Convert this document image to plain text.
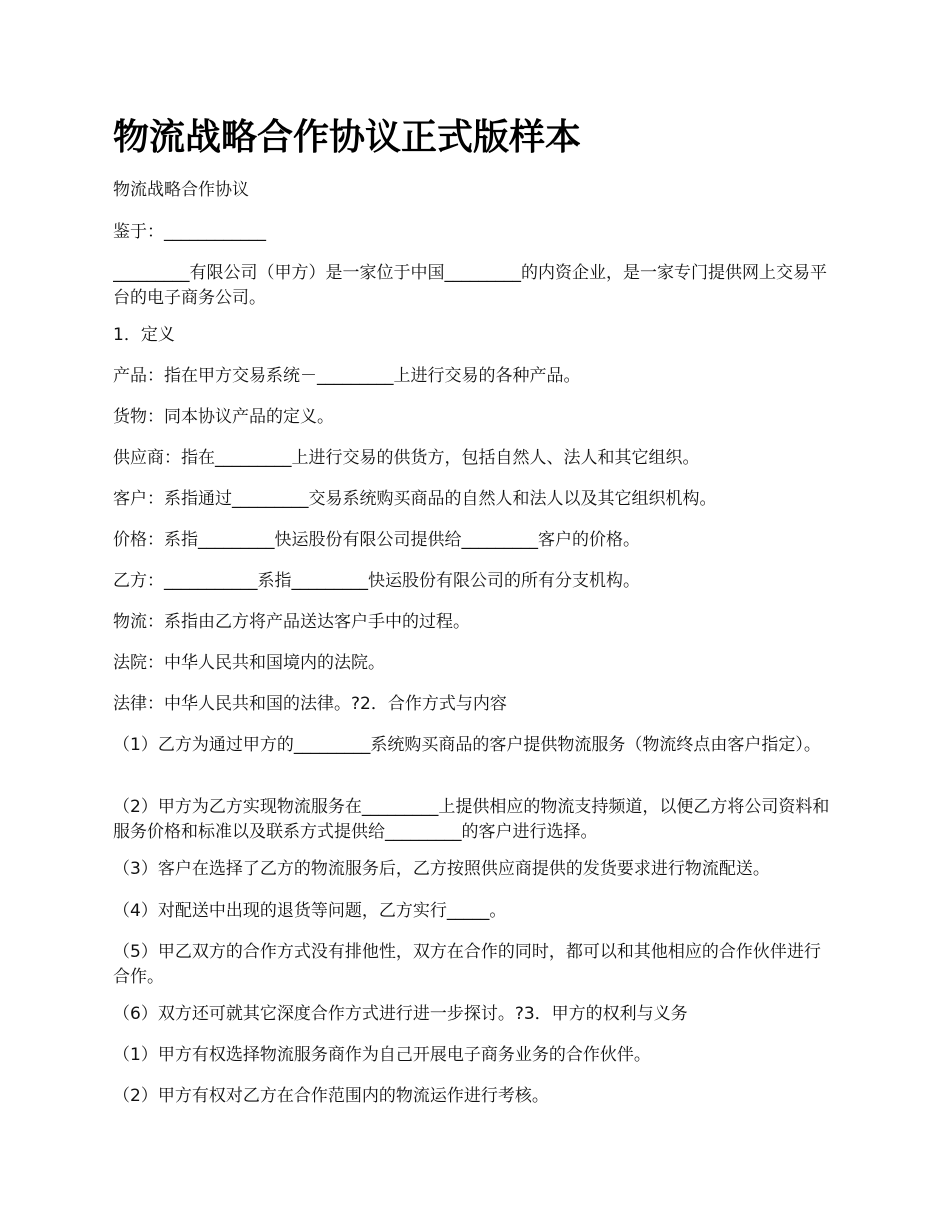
物流战略合作协议正式版样本

物流战略合作协议

鉴于：____________

_________有限公司（甲方）是一家位于中国_________的内资企业，是一家专门提供网上交易平台的电子商务公司。

1．定义

产品：指在甲方交易系统－_________上进行交易的各种产品。

货物：同本协议产品的定义。

供应商：指在_________上进行交易的供货方，包括自然人、法人和其它组织。

客户：系指通过_________交易系统购买商品的自然人和法人以及其它组织机构。

价格：系指_________快运股份有限公司提供给_________客户的价格。

乙方：___________系指_________快运股份有限公司的所有分支机构。

物流：系指由乙方将产品送达客户手中的过程。

法院：中华人民共和国境内的法院。

法律：中华人民共和国的法律。?2．合作方式与内容

（1）乙方为通过甲方的_________系统购买商品的客户提供物流服务（物流终点由客户指定）。

（2）甲方为乙方实现物流服务在_________上提供相应的物流支持频道，以便乙方将公司资料和服务价格和标准以及联系方式提供给_________的客户进行选择。

（3）客户在选择了乙方的物流服务后，乙方按照供应商提供的发货要求进行物流配送。

（4）对配送中出现的退货等问题，乙方实行_____。

（5）甲乙双方的合作方式没有排他性，双方在合作的同时，都可以和其他相应的合作伙伴进行合作。

（6）双方还可就其它深度合作方式进行进一步探讨。?3．甲方的权利与义务

（1）甲方有权选择物流服务商作为自己开展电子商务业务的合作伙伴。

（2）甲方有权对乙方在合作范围内的物流运作进行考核。
